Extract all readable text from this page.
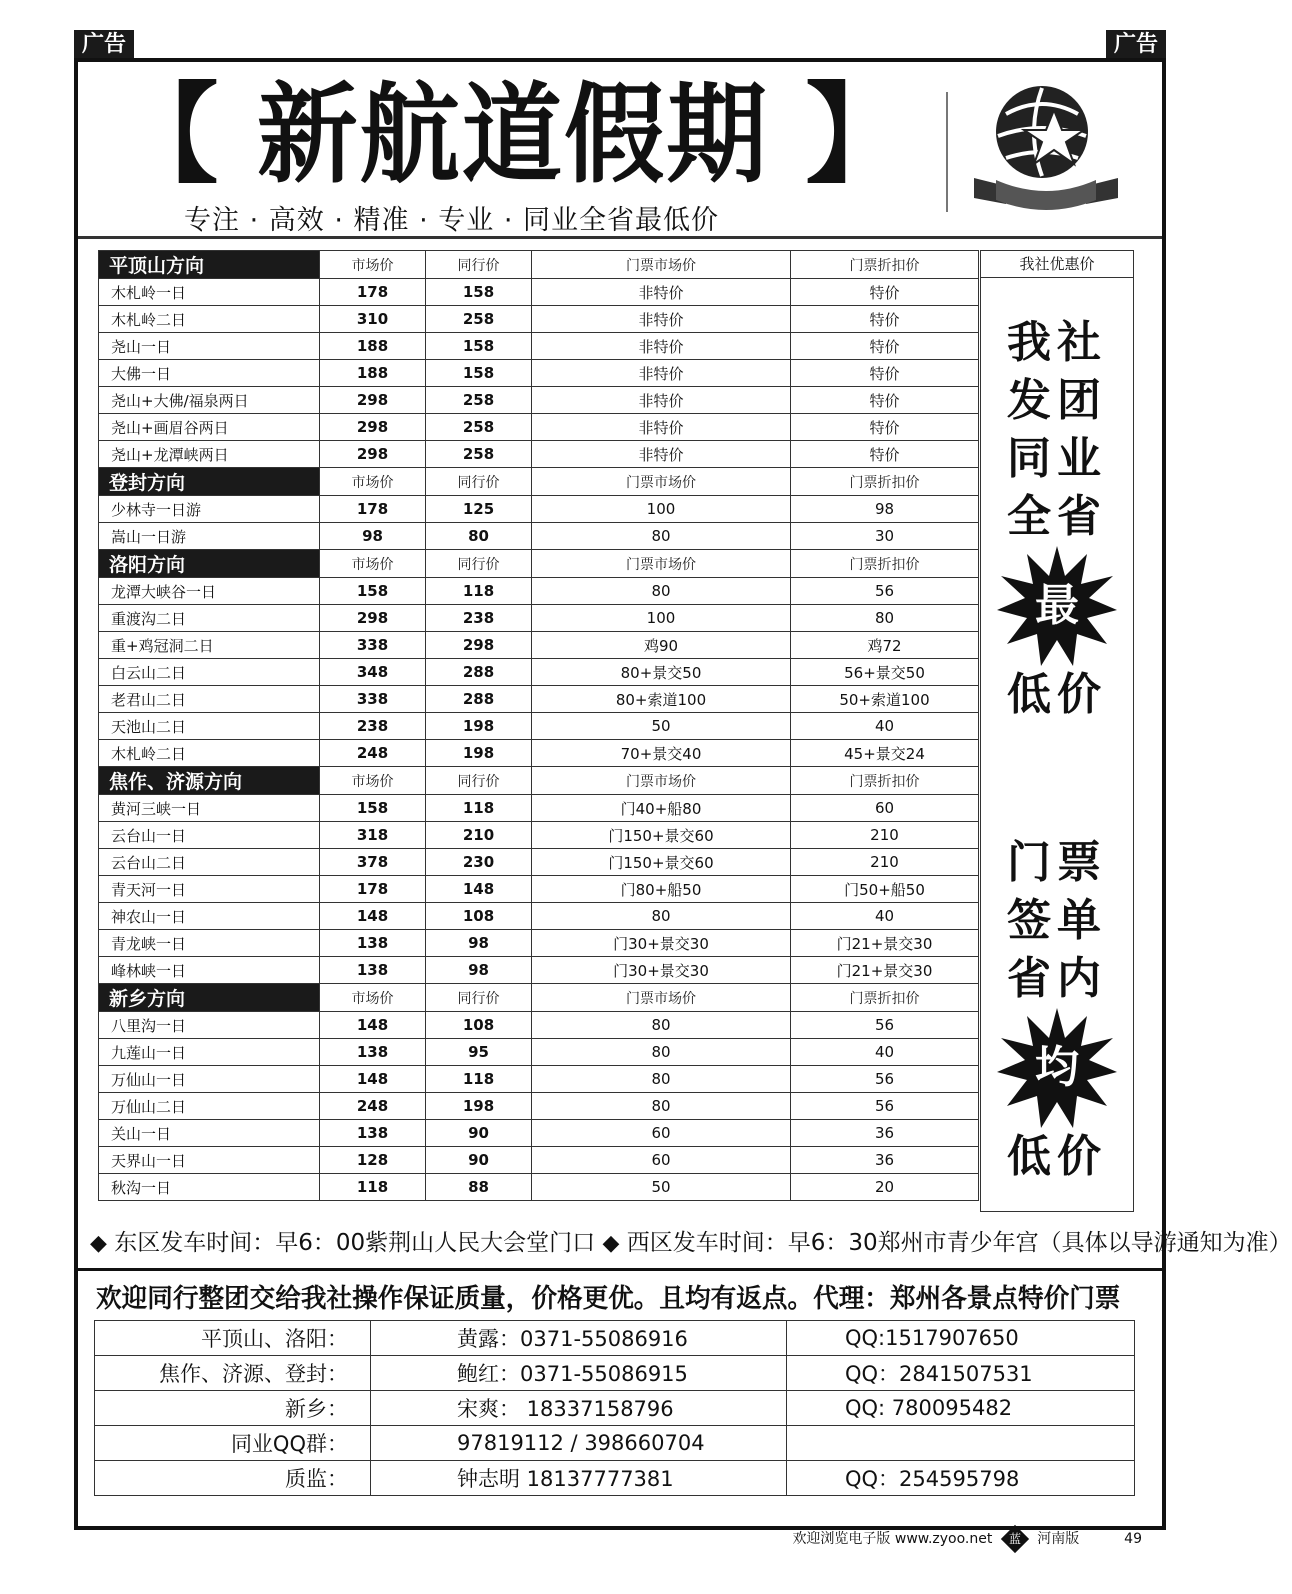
广告	广告
【 新航道假期 】
专注 · 高效 · 精准 · 专业 · 同业全省最低价
平顶山方向	市场价	同行价	门票市场价	门票折扣价
木札岭一日	178	158	非特价	特价
木札岭二日	310	258	非特价	特价
尧山一日	188	158	非特价	特价
大佛一日	188	158	非特价	特价
尧山+大佛/福泉两日	298	258	非特价	特价
尧山+画眉谷两日	298	258	非特价	特价
尧山+龙潭峡两日	298	258	非特价	特价
登封方向	市场价	同行价	门票市场价	门票折扣价
少林寺一日游	178	125	100	98
嵩山一日游	98	80	80	30
洛阳方向	市场价	同行价	门票市场价	门票折扣价
龙潭大峡谷一日	158	118	80	56
重渡沟二日	298	238	100	80
重+鸡冠洞二日	338	298	鸡90	鸡72
白云山二日	348	288	80+景交50	56+景交50
老君山二日	338	288	80+索道100	50+索道100
天池山二日	238	198	50	40
木札岭二日	248	198	70+景交40	45+景交24
焦作、济源方向	市场价	同行价	门票市场价	门票折扣价
黄河三峡一日	158	118	门40+船80	60
云台山一日	318	210	门150+景交60	210
云台山二日	378	230	门150+景交60	210
青天河一日	178	148	门80+船50	门50+船50
神农山一日	148	108	80	40
青龙峡一日	138	98	门30+景交30	门21+景交30
峰林峡一日	138	98	门30+景交30	门21+景交30
新乡方向	市场价	同行价	门票市场价	门票折扣价
八里沟一日	148	108	80	56
九莲山一日	138	95	80	40
万仙山一日	148	118	80	56
万仙山二日	248	198	80	56
关山一日	138	90	60	36
天界山一日	128	90	60	36
秋沟一日	118	88	50	20
我社优惠价
我社
发团
同业
全省
最
低价
门票
签单
省内
均
低价
◆ 东区发车时间：早6：00紫荆山人民大会堂门口 ◆ 西区发车时间：早6：30郑州市青少年宫（具体以导游通知为准）
欢迎同行整团交给我社操作保证质量，价格更优。且均有返点。代理：郑州各景点特价门票
平顶山、洛阳：	黄露：0371-55086916	QQ:1517907650
焦作、济源、登封：	鲍红：0371-55086915	QQ：2841507531
新乡：	宋爽： 18337158796	QQ: 780095482
同业QQ群：	97819112 / 398660704	
质监：	钟志明 18137777381	QQ：254595798
欢迎浏览电子版 www.zyoo.net 蓝 河南版	49
